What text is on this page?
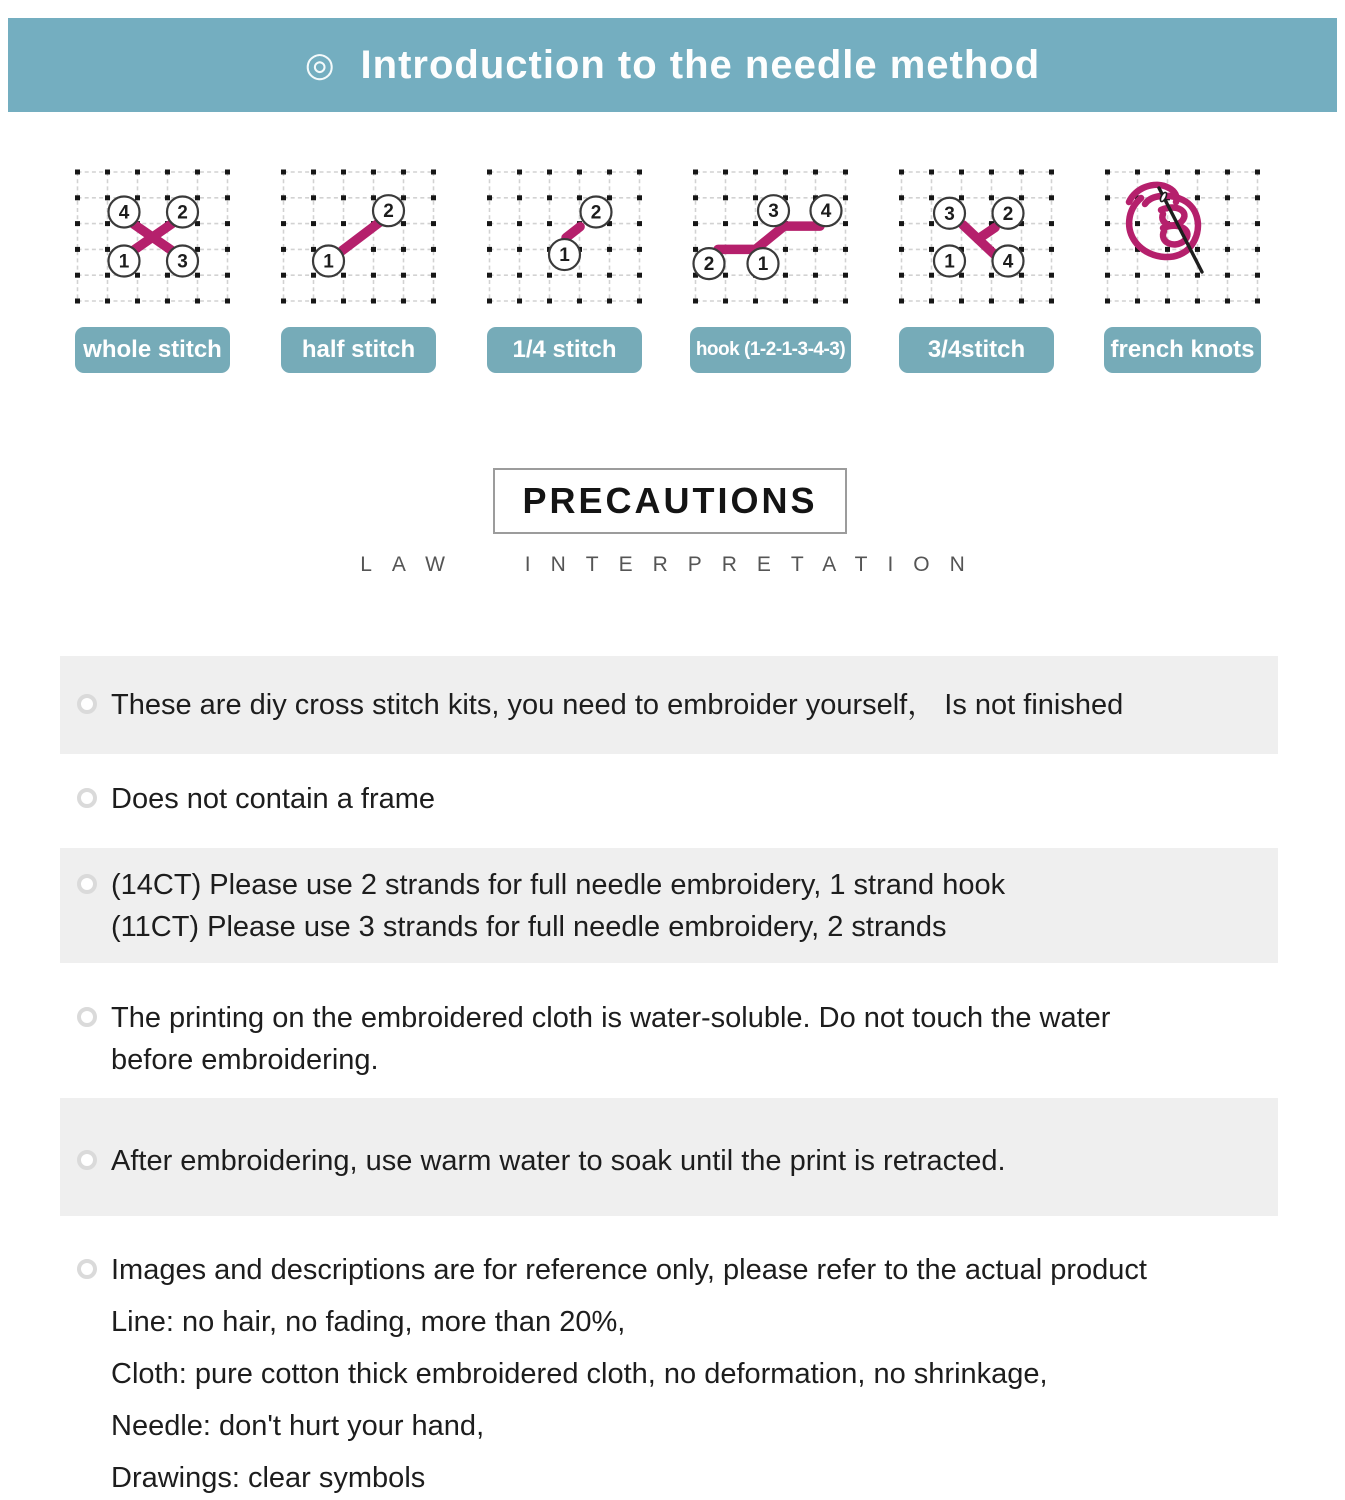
◎ Introduction to the needle method
4	2
1	3
whole stitch
1
2
half stitch
2
1
1/4 stitch
3 4
2 1
hook (1-2-1-3-4-3)
3	2
1	4
3/4stitch	french knots
PRECAUTIONS
LAW INTERPRETATION
These are diy cross stitch kits, you need to embroider yourself， Is not finished
Does not contain a frame
(14CT) Please use 2 strands for full needle embroidery, 1 strand hook
(11CT) Please use 3 strands for full needle embroidery, 2 strands
The printing on the embroidered cloth is water-soluble. Do not touch the water
before embroidering.
After embroidering, use warm water to soak until the print is retracted.
Images and descriptions are for reference only, please refer to the actual product
Line: no hair, no fading, more than 20%,
Cloth: pure cotton thick embroidered cloth, no deformation, no shrinkage,
Needle: don't hurt your hand,
Drawings: clear symbols
